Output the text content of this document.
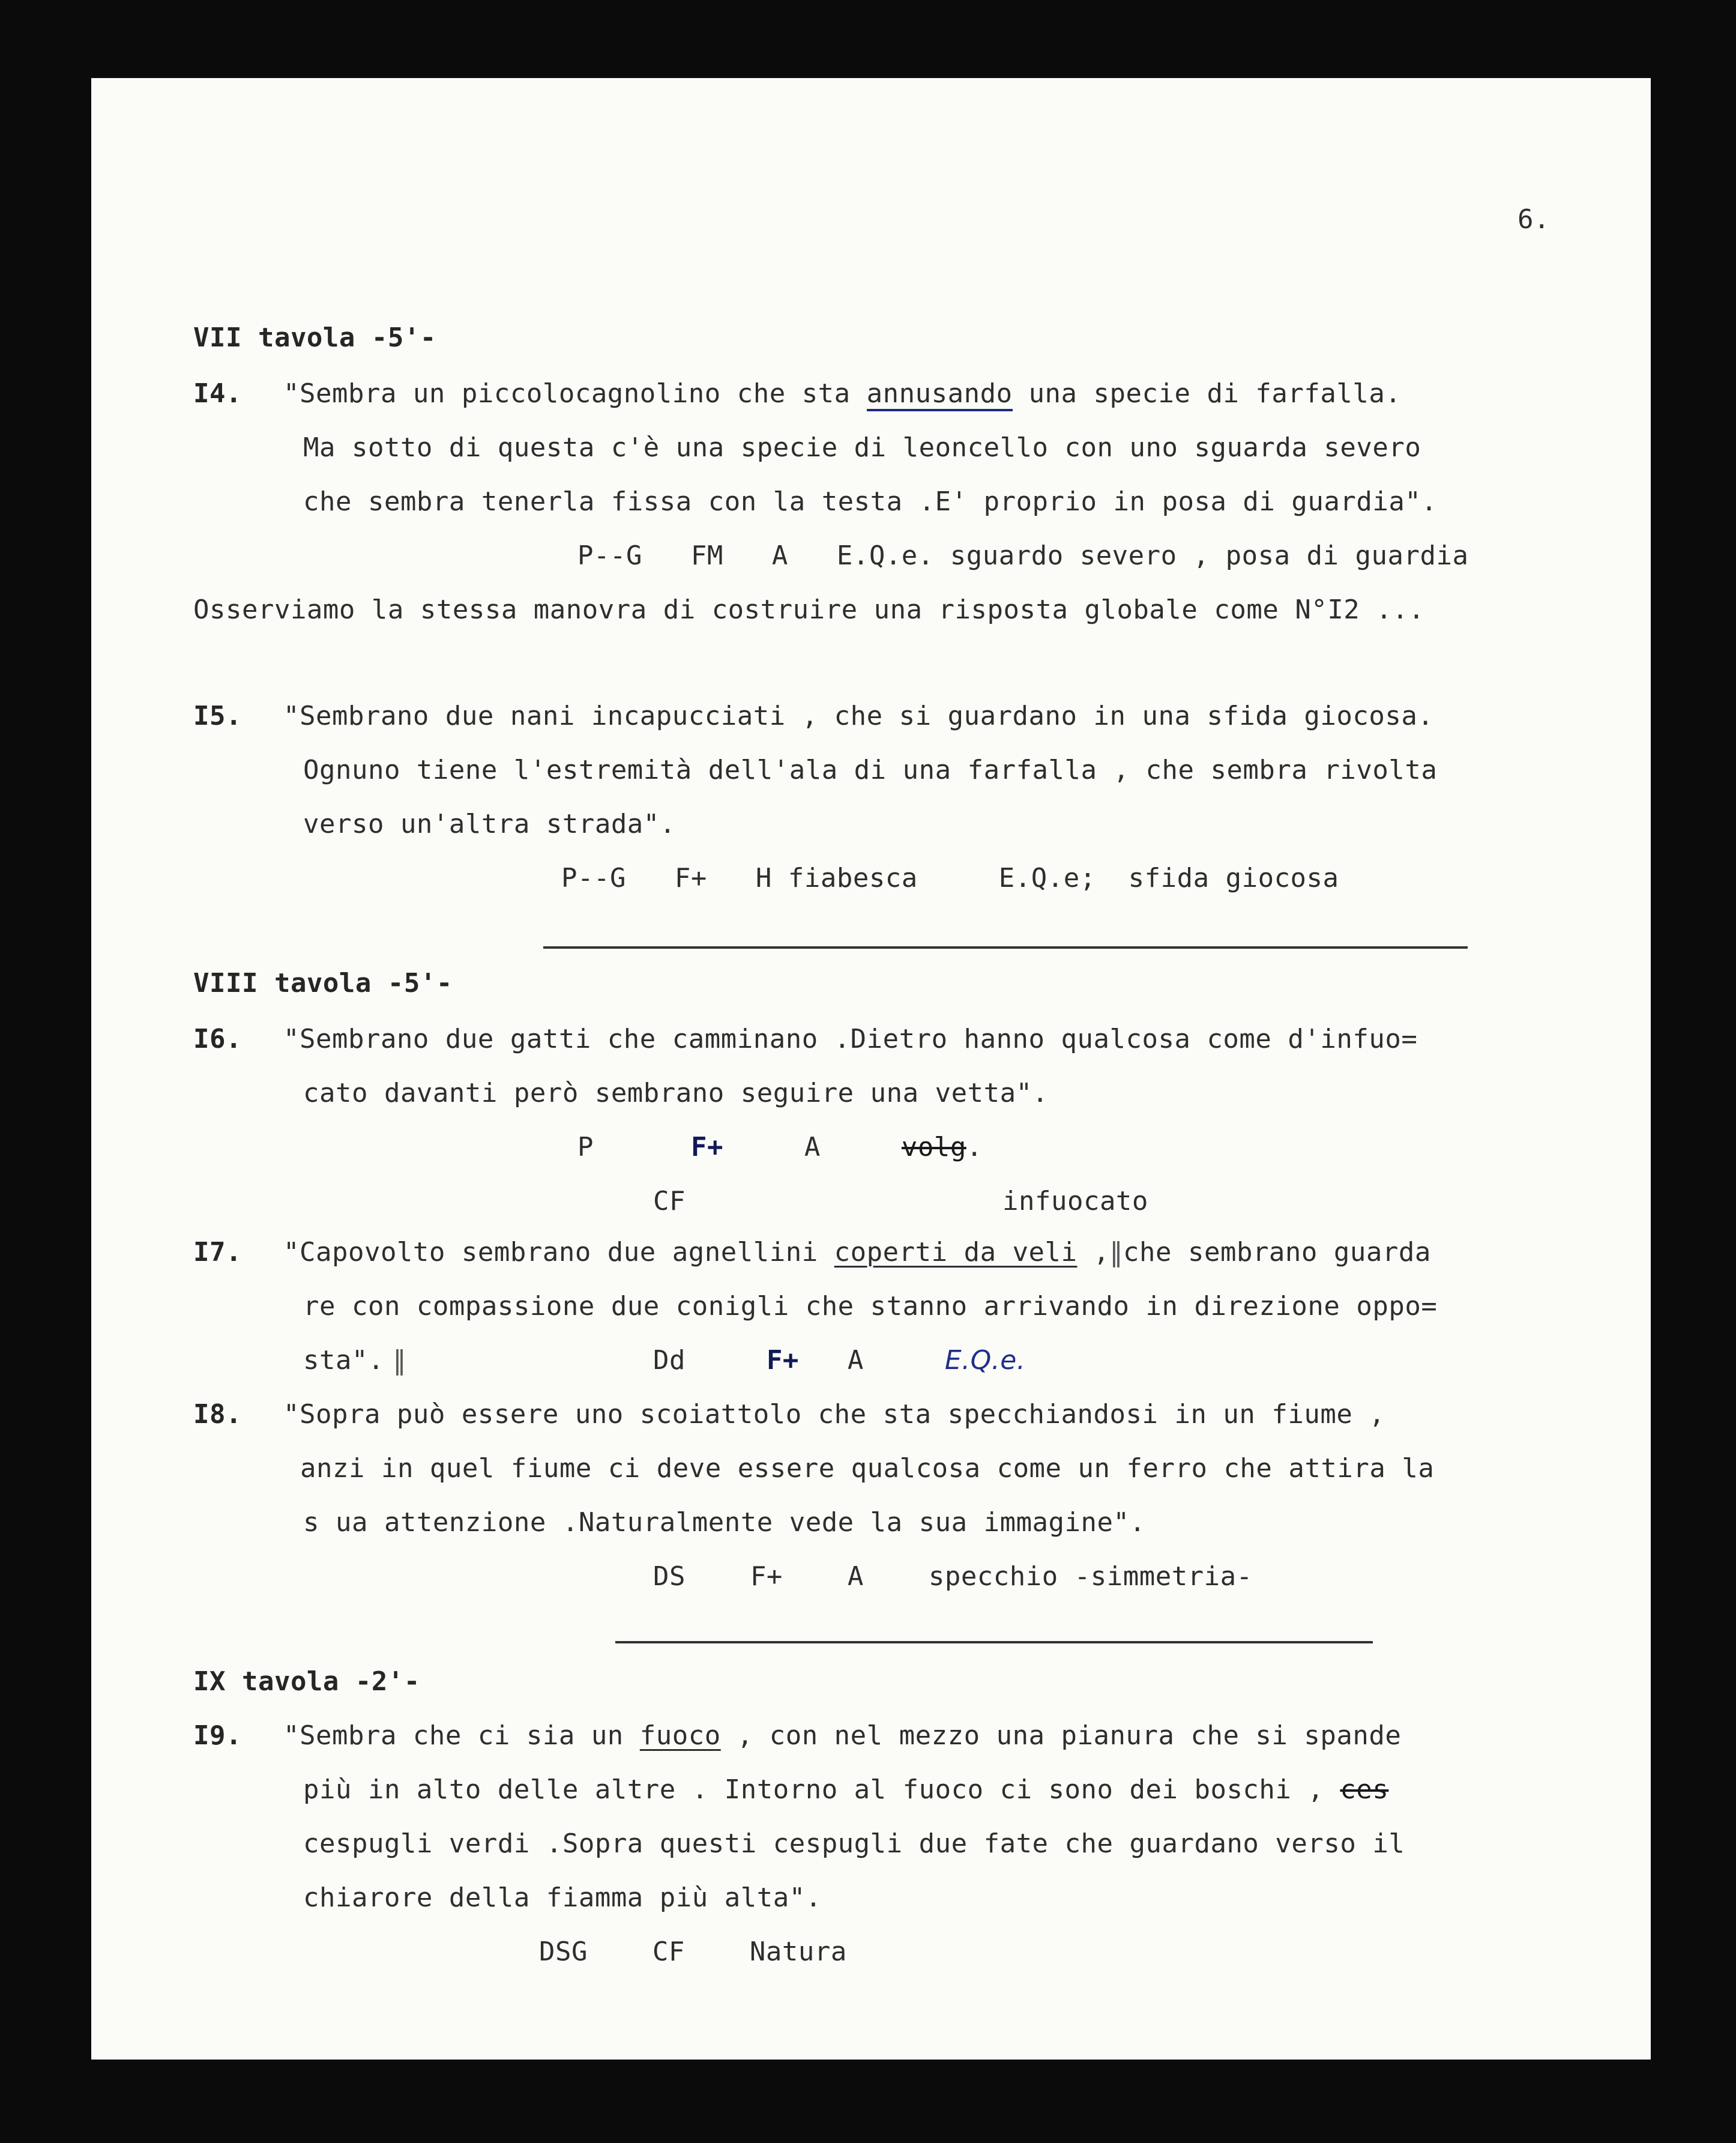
6.
VII tavola -5'-
I4. "Sembra un piccolocagnolino che sta annusando una specie di farfalla.
Ma sotto di questa c'è una specie di leoncello con uno sguarda severo
che sembra tenerla fissa con la testa .E' proprio in posa di guardia".
P--G   FM   A   E.Q.e. sguardo severo , posa di guardia
Osserviamo la stessa manovra di costruire una risposta globale come N°I2 ...
I5. "Sembrano due nani incapucciati , che si guardano in una sfida giocosa.
Ognuno tiene l'estremità dell'ala di una farfalla , che sembra rivolta
verso un'altra strada".
P--G   F+   H fiabesca     E.Q.e;  sfida giocosa
VIII tavola -5'-
I6. "Sembrano due gatti che camminano .Dietro hanno qualcosa come d'infuo=
cato davanti però sembrano seguire una vetta".
P	F+	A	volg.
CF	infuocato
I7. "Capovolto sembrano due agnellini coperti da veli ,‖che sembrano guarda
re con compassione due conigli che stanno arrivando in direzione oppo=
sta". ‖	Dd	F+ A	E.Q.e.
I8. "Sopra può essere uno scoiattolo che sta specchiandosi in un fiume ,
anzi in quel fiume ci deve essere qualcosa come un ferro che attira la
s ua attenzione .Naturalmente vede la sua immagine".
DS    F+    A    specchio -simmetria-
IX tavola -2'-
I9. "Sembra che ci sia un fuoco , con nel mezzo una pianura che si spande
più in alto delle altre . Intorno al fuoco ci sono dei boschi , ces
cespugli verdi .Sopra questi cespugli due fate che guardano verso il
chiarore della fiamma più alta".
DSG    CF    Natura
